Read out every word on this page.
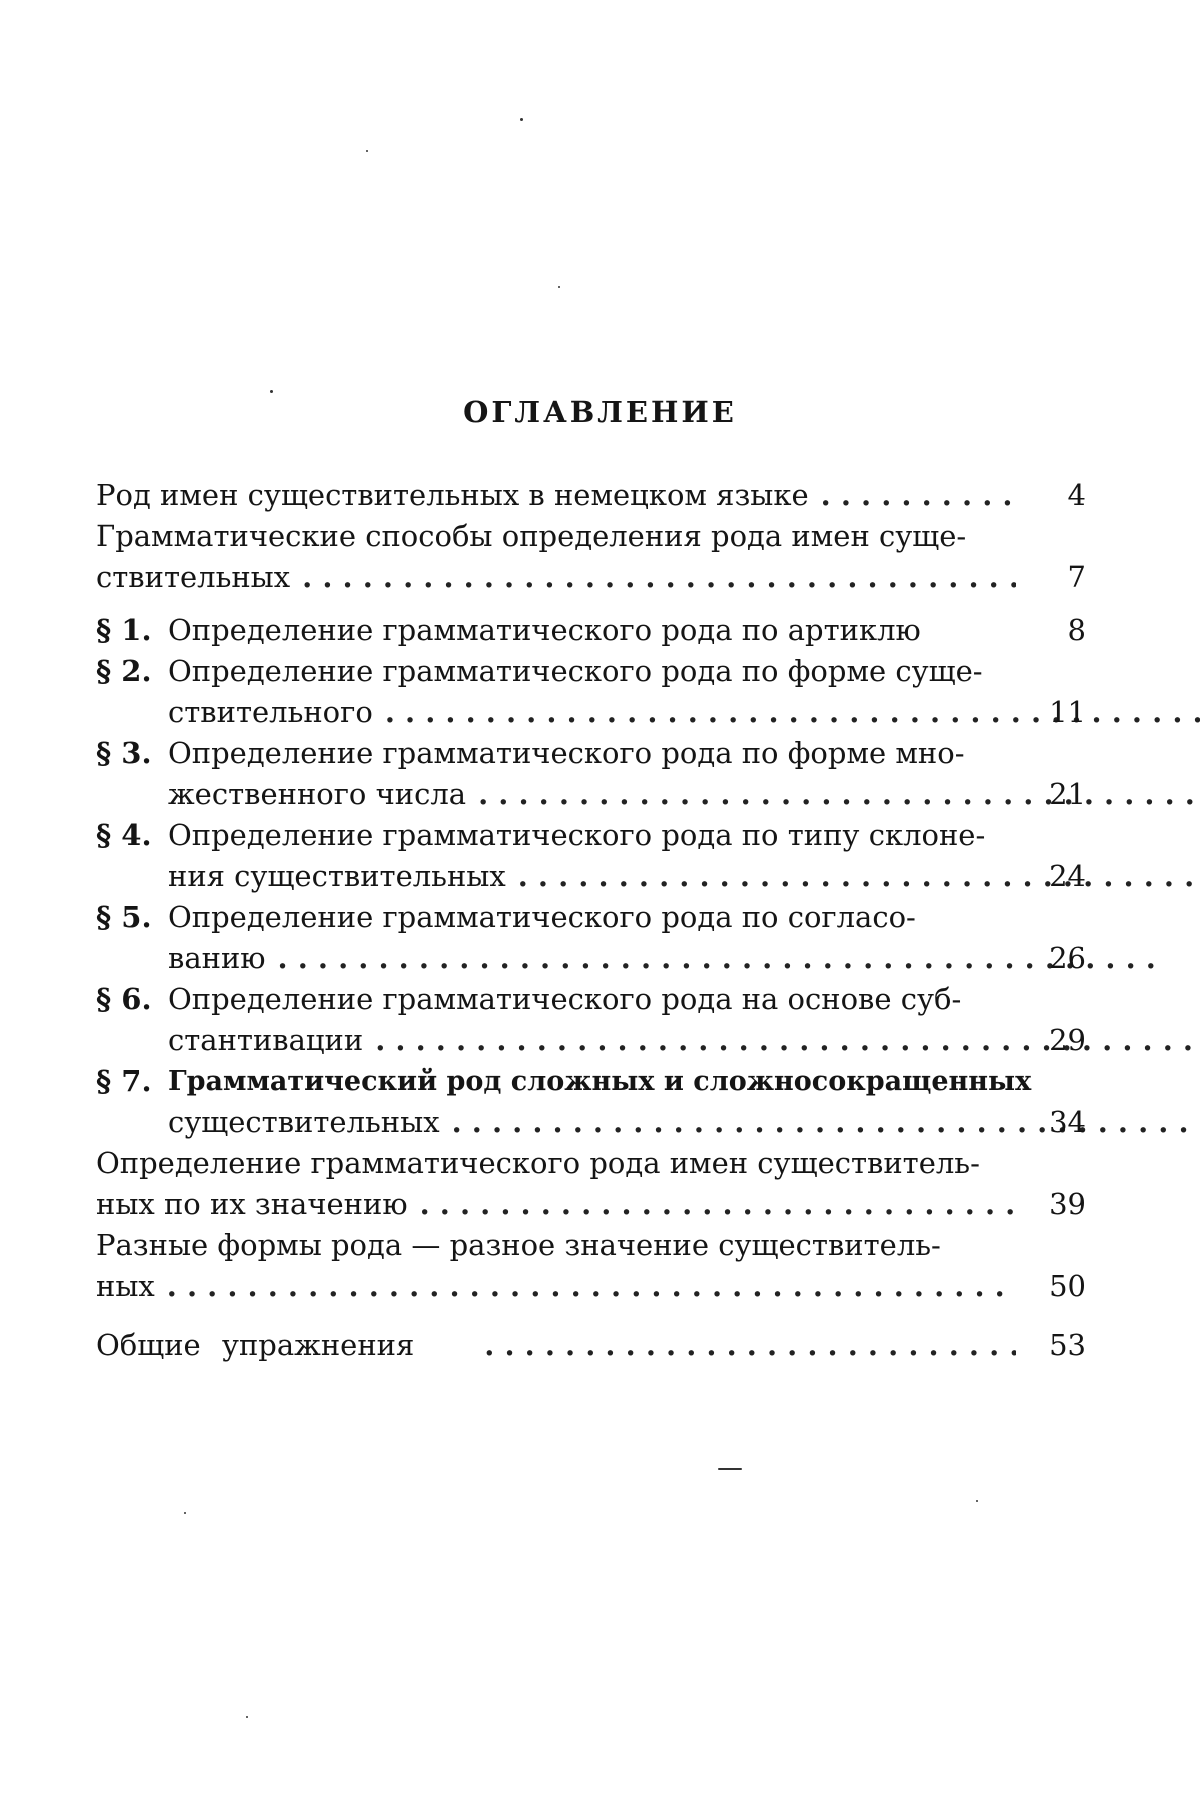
ОГЛАВЛЕНИЕ
Род имен существительных в немецком языке . .	4
Грамматические способы определения рода имен суще-
ствительных . .	7
§ 1. Определение грамматического рода по артиклю	8
§ 2. Определение грамматического рода по форме суще-
ствительного . .	11
§ 3. Определение грамматического рода по форме мно-
жественного числа . .	21
§ 4. Определение грамматического рода по типу склоне-
ния существительных . .	24
§ 5. Определение грамматического рода по согласо-
ванию . .	26
§ 6. Определение грамматического рода на основе суб-
стантивации . .	29
§ 7. Грамматический род сложных и сложносокращенных
существительных . .	34
Определение грамматического рода имен существитель-
ных по их значению . .	39
Разные формы рода — разное значение существитель-
ных . .	50
Общие упражнения . .	53
